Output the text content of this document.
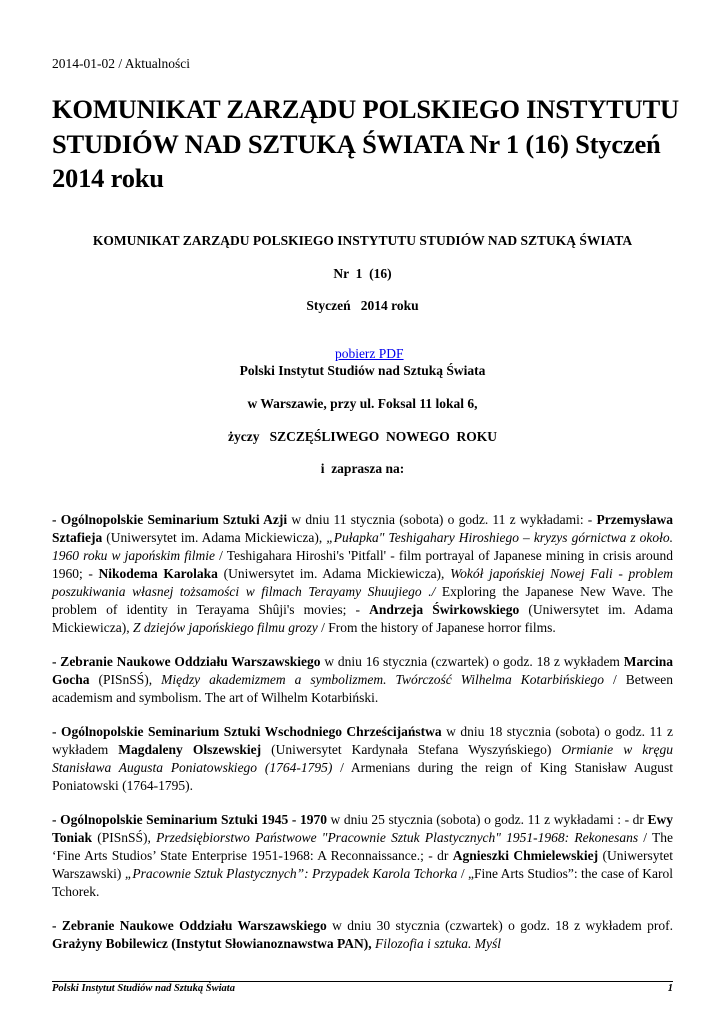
2014-01-02 / Aktualności
KOMUNIKAT ZARZĄDU POLSKIEGO INSTYTUTU STUDIÓW NAD SZTUKĄ ŚWIATA Nr 1 (16) Styczeń 2014 roku
KOMUNIKAT ZARZĄDU POLSKIEGO INSTYTUTU STUDIÓW NAD SZTUKĄ ŚWIATA
Nr  1  (16)
Styczeń   2014 roku

pobierz PDF

Polski Instytut Studiów nad Sztuką Świata
w Warszawie, przy ul. Foksal 11 lokal 6,
życzy   SZCZĘŚLIWEGO  NOWEGO  ROKU
i  zaprasza na:

- Ogólnopolskie Seminarium Sztuki Azji w dniu 11 stycznia (sobota) o godz. 11 z wykładami: - Przemysława Sztafieja (Uniwersytet im. Adama Mickiewicza), „Pułapka" Teshigahary Hiroshiego – kryzys górnictwa z około. 1960 roku w japońskim filmie / Teshigahara Hiroshi's 'Pitfall' - film portrayal of Japanese mining in crisis around 1960; - Nikodema Karolaka (Uniwersytet im. Adama Mickiewicza), Wokół japońskiej Nowej Fali - problem poszukiwania własnej tożsamości w filmach Terayamy Shuujiego ./ Exploring the Japanese New Wave. The problem of identity in Terayama Shûji's movies; - Andrzeja Świrkowskiego (Uniwersytet im. Adama Mickiewicza), Z dziejów japońskiego filmu grozy / From the history of Japanese horror films.

- Zebranie Naukowe Oddziału Warszawskiego w dniu 16 stycznia (czwartek) o godz. 18 z wykładem Marcina Gocha (PISnSŚ), Między akademizmem a symbolizmem. Twórczość Wilhelma Kotarbińskiego / Between academism and symbolism. The art of Wilhelm Kotarbiński.

- Ogólnopolskie Seminarium Sztuki Wschodniego Chrześcijaństwa w dniu 18 stycznia (sobota) o godz. 11 z wykładem Magdaleny Olszewskiej (Uniwersytet Kardynała Stefana Wyszyńskiego) Ormianie w kręgu Stanisława Augusta Poniatowskiego (1764-1795) / Armenians during the reign of King Stanisław August Poniatowski (1764-1795).

- Ogólnopolskie Seminarium Sztuki 1945 - 1970 w dniu 25 stycznia (sobota) o godz. 11 z wykładami : - dr Ewy Toniak (PISnSŚ), Przedsiębiorstwo Państwowe "Pracownie Sztuk Plastycznych" 1951-1968: Rekonesans / The ‘Fine Arts Studios’ State Enterprise 1951-1968: A Reconnaissance.; - dr Agnieszki Chmielewskiej (Uniwersytet Warszawski) „Pracownie Sztuk Plastycznych”: Przypadek Karola Tchorka / „Fine Arts Studios”: the case of Karol Tchorek.

- Zebranie Naukowe Oddziału Warszawskiego w dniu 30 stycznia (czwartek) o godz. 18 z wykładem prof. Grażyny Bobilewicz (Instytut Słowianoznawstwa PAN), Filozofia i sztuka. Myśl

Polski Instytut Studiów nad Sztuką Świata	1
